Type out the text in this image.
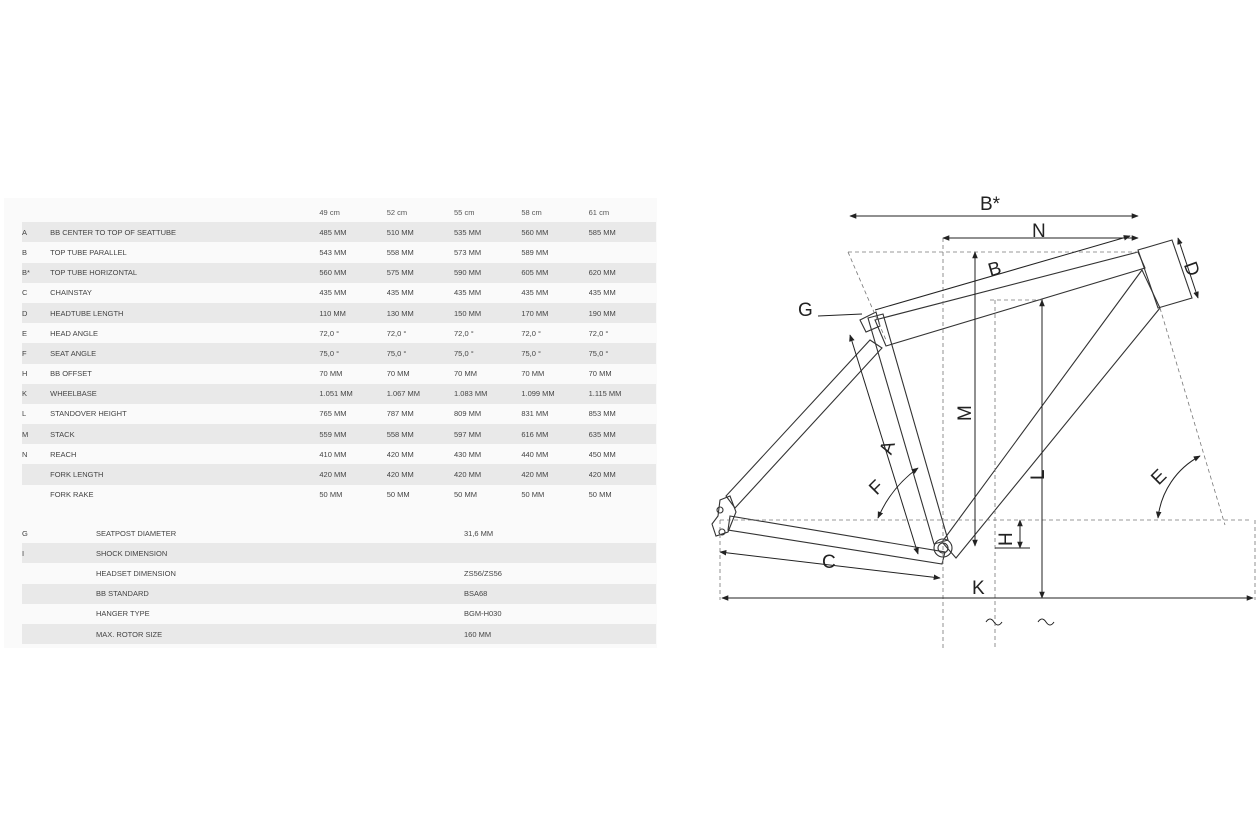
		49 cm	52 cm	55 cm	58 cm	61 cm
A	BB CENTER TO TOP OF SEATTUBE	485 MM	510 MM	535 MM	560 MM	585 MM
B	TOP TUBE PARALLEL	543 MM	558 MM	573 MM	589 MM	
B*	TOP TUBE HORIZONTAL	560 MM	575 MM	590 MM	605 MM	620 MM
C	CHAINSTAY	435 MM	435 MM	435 MM	435 MM	435 MM
D	HEADTUBE LENGTH	110 MM	130 MM	150 MM	170 MM	190 MM
E	HEAD ANGLE	72,0 °	72,0 °	72,0 °	72,0 °	72,0 °
F	SEAT ANGLE	75,0 °	75,0 °	75,0 °	75,0 °	75,0 °
H	BB OFFSET	70 MM	70 MM	70 MM	70 MM	70 MM
K	WHEELBASE	1.051 MM	1.067 MM	1.083 MM	1.099 MM	1.115 MM
L	STANDOVER HEIGHT	765 MM	787 MM	809 MM	831 MM	853 MM
M	STACK	559 MM	558 MM	597 MM	616 MM	635 MM
N	REACH	410 MM	420 MM	430 MM	440 MM	450 MM
	FORK LENGTH	420 MM	420 MM	420 MM	420 MM	420 MM
	FORK RAKE	50 MM	50 MM	50 MM	50 MM	50 MM
G	SEATPOST DIAMETER	31,6 MM
I	SHOCK DIMENSION	
	HEADSET DIMENSION	ZS56/ZS56
	BB STANDARD	BSA68
	HANGER TYPE	BGM-H030
	MAX. ROTOR SIZE	160 MM
B*
N
B	D
G
M
A
F
L	E
H
C
K
